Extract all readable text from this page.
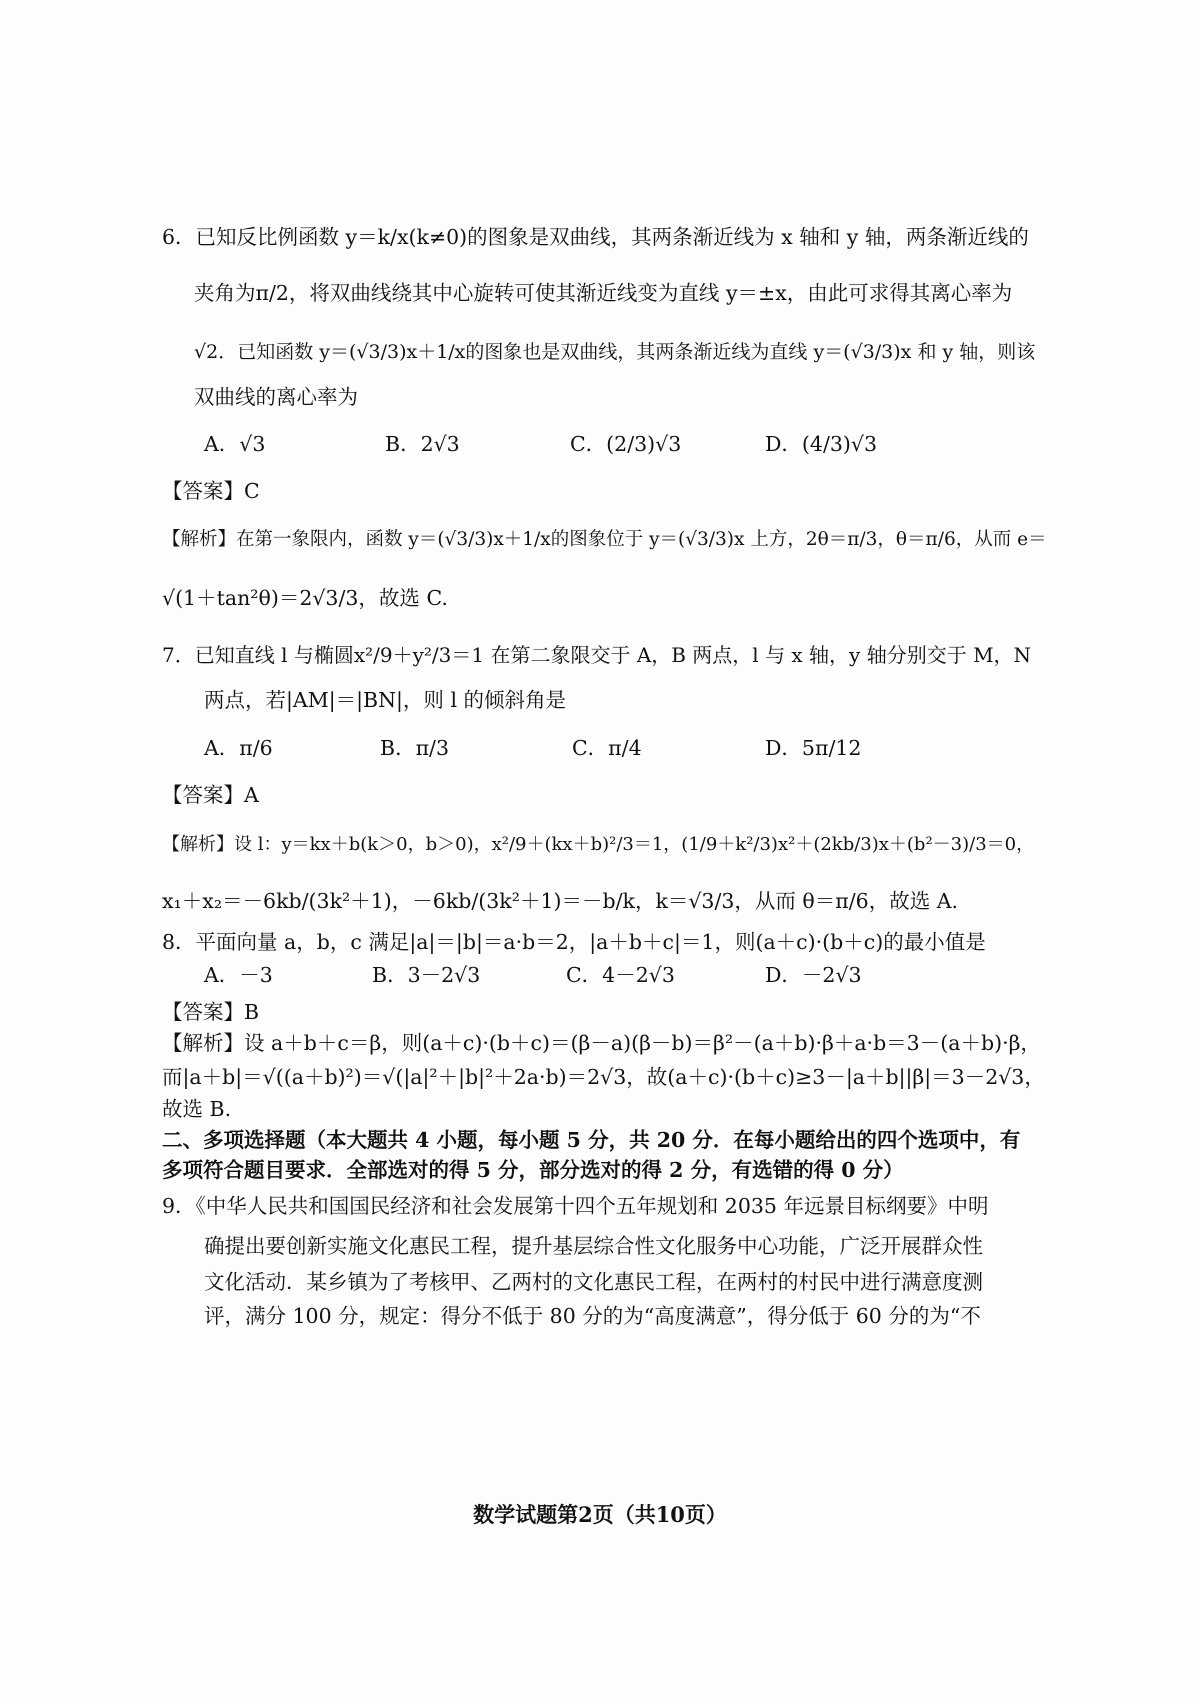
6．已知反比例函数 y＝k/x(k≠0)的图象是双曲线，其两条渐近线为 x 轴和 y 轴，两条渐近线的
夹角为π/2，将双曲线绕其中心旋转可使其渐近线变为直线 y＝±x，由此可求得其离心率为
√2．已知函数 y＝(√3/3)x＋1/x的图象也是双曲线，其两条渐近线为直线 y＝(√3/3)x 和 y 轴，则该
双曲线的离心率为
A．√3	B．2√3	C．(2/3)√3	D．(4/3)√3
【答案】C
【解析】在第一象限内，函数 y＝(√3/3)x＋1/x的图象位于 y＝(√3/3)x 上方，2θ＝π/3，θ＝π/6，从而 e＝
√(1＋tan²θ)＝2√3/3，故选 C.
7．已知直线 l 与椭圆x²/9＋y²/3＝1 在第二象限交于 A，B 两点，l 与 x 轴，y 轴分别交于 M，N
两点，若|AM|＝|BN|，则 l 的倾斜角是
A．π/6	B．π/3	C．π/4	D．5π/12
【答案】A
【解析】设 l：y＝kx＋b(k＞0，b＞0)，x²/9＋(kx＋b)²/3＝1，(1/9＋k²/3)x²＋(2kb/3)x＋(b²－3)/3＝0，
x₁＋x₂＝－6kb/(3k²＋1)，－6kb/(3k²＋1)＝－b/k，k＝√3/3，从而 θ＝π/6，故选 A.
8．平面向量 a，b，c 满足|a|＝|b|＝a·b＝2，|a＋b＋c|＝1，则(a＋c)·(b＋c)的最小值是
A．－3	B．3－2√3	C．4－2√3	D．－2√3
【答案】B
【解析】设 a＋b＋c＝β，则(a＋c)·(b＋c)＝(β－a)(β－b)＝β²－(a＋b)·β＋a·b＝3－(a＋b)·β，
而|a＋b|＝√((a＋b)²)＝√(|a|²＋|b|²＋2a·b)＝2√3，故(a＋c)·(b＋c)≥3－|a＋b||β|＝3－2√3，
故选 B.
二、多项选择题（本大题共 4 小题，每小题 5 分，共 20 分．在每小题给出的四个选项中，有
多项符合题目要求．全部选对的得 5 分，部分选对的得 2 分，有选错的得 0 分）
9．《中华人民共和国国民经济和社会发展第十四个五年规划和 2035 年远景目标纲要》中明
确提出要创新实施文化惠民工程，提升基层综合性文化服务中心功能，广泛开展群众性
文化活动．某乡镇为了考核甲、乙两村的文化惠民工程，在两村的村民中进行满意度测
评，满分 100 分，规定：得分不低于 80 分的为“高度满意”，得分低于 60 分的为“不
数学试题第2页（共10页）
